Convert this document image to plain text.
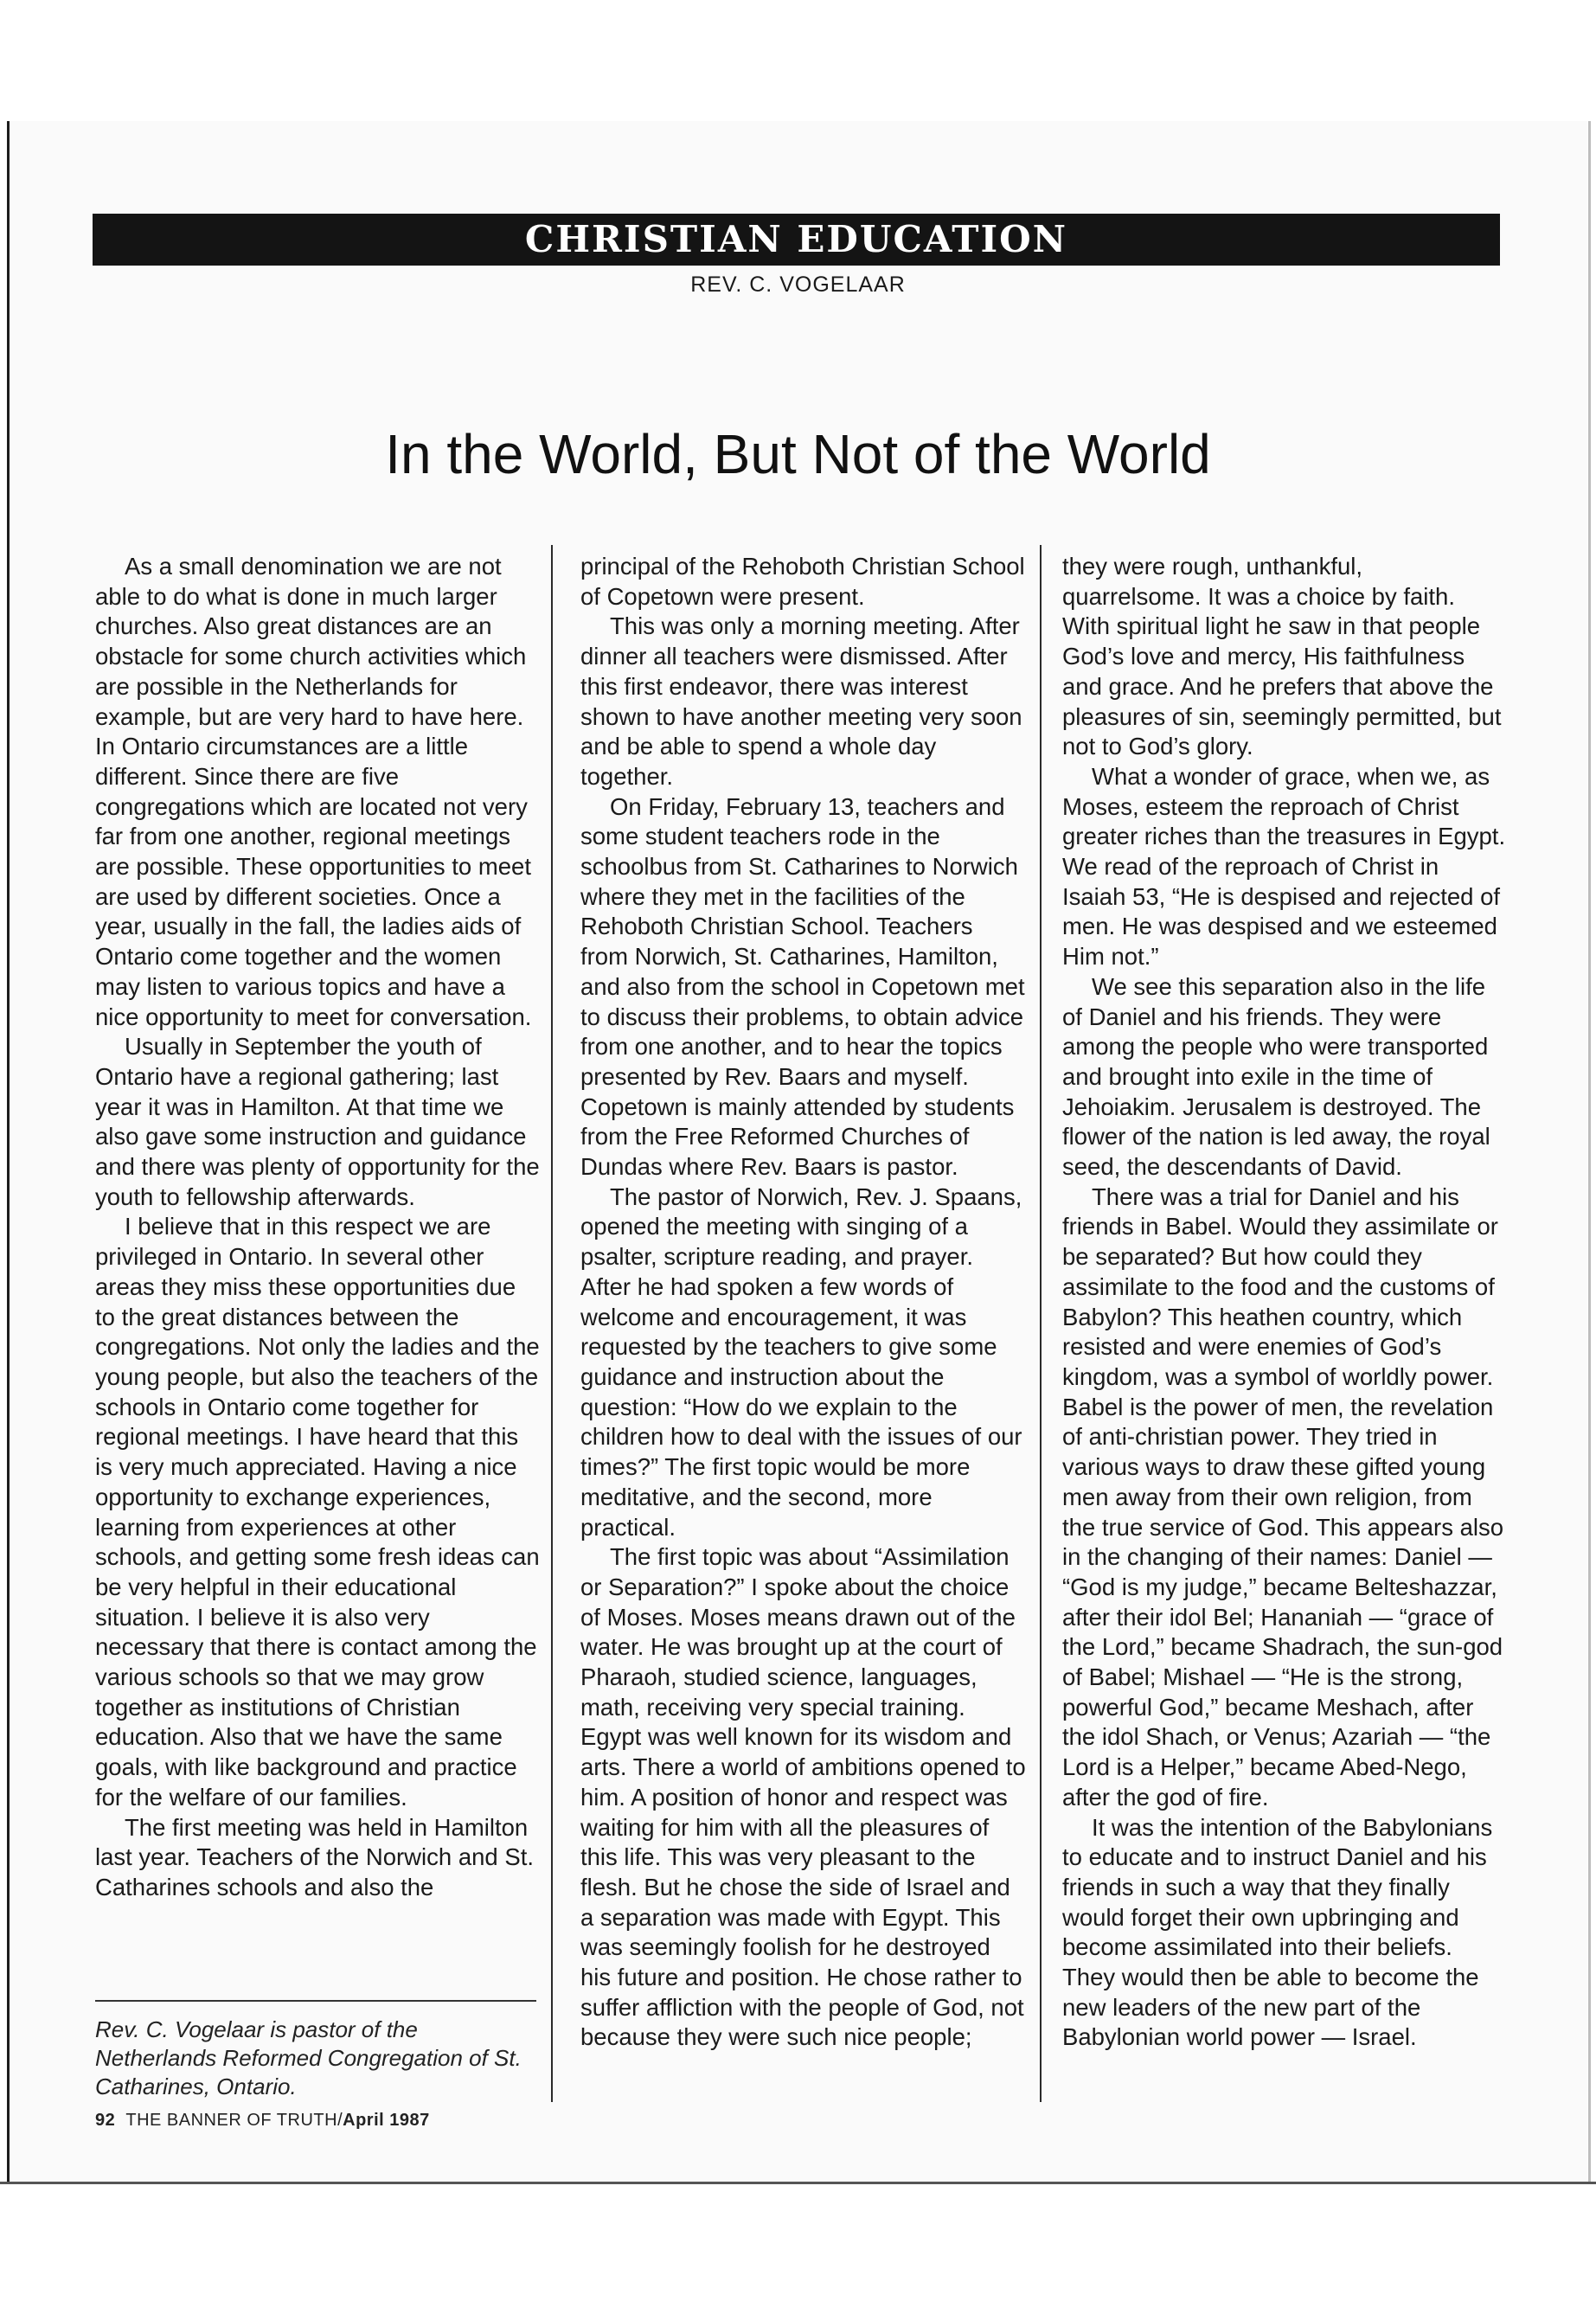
CHRISTIAN EDUCATION
REV. C. VOGELAAR
In the World, But Not of the World

As a small denomination we are not able to do what is done in much larger churches. Also great distances are an obstacle for some church activities which are possible in the Netherlands for example, but are very hard to have here. In Ontario circumstances are a little different. Since there are five congregations which are located not very far from one another, regional meetings are possible. These opportunities to meet are used by different societies. Once a year, usually in the fall, the ladies aids of Ontario come together and the women may listen to various topics and have a nice opportunity to meet for conversation.

Usually in September the youth of Ontario have a regional gathering; last year it was in Hamilton. At that time we also gave some instruction and guidance and there was plenty of opportunity for the youth to fellowship afterwards.

I believe that in this respect we are privileged in Ontario. In several other areas they miss these opportunities due to the great distances between the congregations. Not only the ladies and the young people, but also the teachers of the schools in Ontario come together for regional meetings. I have heard that this is very much appreciated. Having a nice opportunity to exchange experiences, learning from experiences at other schools, and getting some fresh ideas can be very helpful in their educational situation. I believe it is also very necessary that there is contact among the various schools so that we may grow together as institutions of Christian education. Also that we have the same goals, with like background and practice for the welfare of our families.

The first meeting was held in Hamilton last year. Teachers of the Norwich and St. Catharines schools and also the

principal of the Rehoboth Christian School of Copetown were present.

This was only a morning meeting. After dinner all teachers were dismissed. After this first endeavor, there was interest shown to have another meeting very soon and be able to spend a whole day together.

On Friday, February 13, teachers and some student teachers rode in the schoolbus from St. Catharines to Norwich where they met in the facilities of the Rehoboth Christian School. Teachers from Norwich, St. Catharines, Hamilton, and also from the school in Copetown met to discuss their problems, to obtain advice from one another, and to hear the topics presented by Rev. Baars and myself. Copetown is mainly attended by students from the Free Reformed Churches of Dundas where Rev. Baars is pastor.

The pastor of Norwich, Rev. J. Spaans, opened the meeting with singing of a psalter, scripture reading, and prayer. After he had spoken a few words of welcome and encouragement, it was requested by the teachers to give some guidance and instruction about the question: “How do we explain to the children how to deal with the issues of our times?” The first topic would be more meditative, and the second, more practical.

The first topic was about “Assimilation or Separation?” I spoke about the choice of Moses. Moses means drawn out of the water. He was brought up at the court of Pharaoh, studied science, languages, math, receiving very special training. Egypt was well known for its wisdom and arts. There a world of ambitions opened to him. A position of honor and respect was waiting for him with all the pleasures of this life. This was very pleasant to the flesh. But he chose the side of Israel and a separation was made with Egypt. This was seemingly foolish for he destroyed his future and position. He chose rather to suffer affliction with the people of God, not because they were such nice people;

they were rough, unthankful, quarrelsome. It was a choice by faith. With spiritual light he saw in that people God’s love and mercy, His faithfulness and grace. And he prefers that above the pleasures of sin, seemingly permitted, but not to God’s glory.

What a wonder of grace, when we, as Moses, esteem the reproach of Christ greater riches than the treasures in Egypt. We read of the reproach of Christ in Isaiah 53, “He is despised and rejected of men. He was despised and we esteemed Him not.”

We see this separation also in the life of Daniel and his friends. They were among the people who were transported and brought into exile in the time of Jehoiakim. Jerusalem is destroyed. The flower of the nation is led away, the royal seed, the descendants of David.

There was a trial for Daniel and his friends in Babel. Would they assimilate or be separated? But how could they assimilate to the food and the customs of Babylon? This heathen country, which resisted and were enemies of God’s kingdom, was a symbol of worldly power. Babel is the power of men, the revelation of anti-christian power. They tried in various ways to draw these gifted young men away from their own religion, from the true service of God. This appears also in the changing of their names: Daniel — “God is my judge,” became Belteshazzar, after their idol Bel; Hananiah — “grace of the Lord,” became Shadrach, the sun-god of Babel; Mishael — “He is the strong, powerful God,” became Meshach, after the idol Shach, or Venus; Azariah — “the Lord is a Helper,” became Abed-Nego, after the god of fire.

It was the intention of the Babylonians to educate and to instruct Daniel and his friends in such a way that they finally would forget their own upbringing and become assimilated into their beliefs. They would then be able to become the new leaders of the new part of the Babylonian world power — Israel.

Rev. C. Vogelaar is pastor of the Netherlands Reformed Congregation of St. Catharines, Ontario.
92 THE BANNER OF TRUTH/April 1987
